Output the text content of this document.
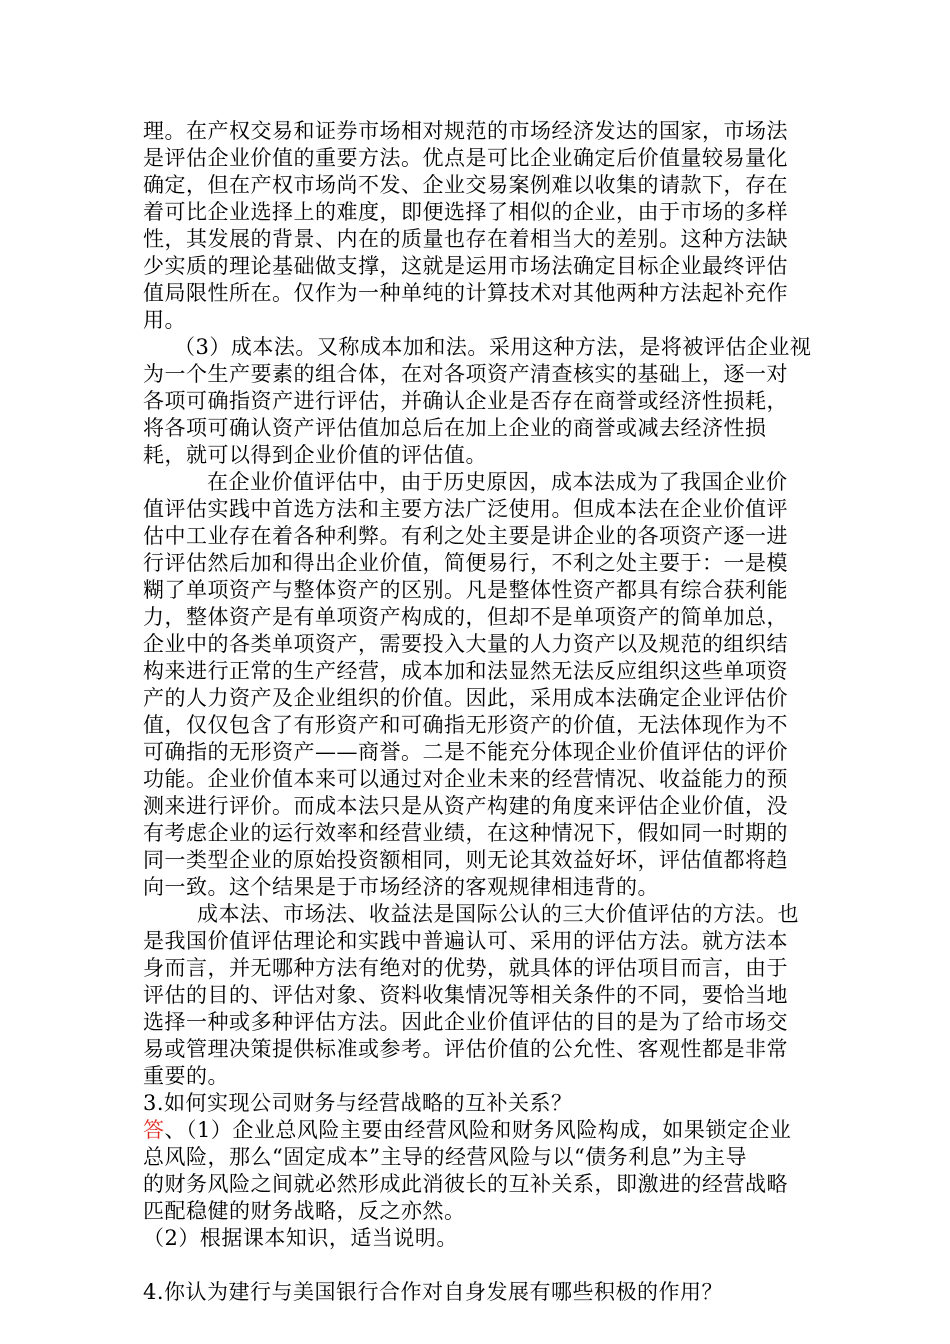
理。在产权交易和证券市场相对规范的市场经济发达的国家，市场法
是评估企业价值的重要方法。优点是可比企业确定后价值量较易量化
确定，但在产权市场尚不发、企业交易案例难以收集的请款下，存在
着可比企业选择上的难度，即便选择了相似的企业，由于市场的多样
性，其发展的背景、内在的质量也存在着相当大的差别。这种方法缺
少实质的理论基础做支撑，这就是运用市场法确定目标企业最终评估
值局限性所在。仅作为一种单纯的计算技术对其他两种方法起补充作
用。
（3）成本法。又称成本加和法。采用这种方法，是将被评估企业视
为一个生产要素的组合体，在对各项资产清查核实的基础上，逐一对
各项可确指资产进行评估，并确认企业是否存在商誉或经济性损耗，
将各项可确认资产评估值加总后在加上企业的商誉或减去经济性损
耗，就可以得到企业价值的评估值。
在企业价值评估中，由于历史原因，成本法成为了我国企业价
值评估实践中首选方法和主要方法广泛使用。但成本法在企业价值评
估中工业存在着各种利弊。有利之处主要是讲企业的各项资产逐一进
行评估然后加和得出企业价值，简便易行，不利之处主要于：一是模
糊了单项资产与整体资产的区别。凡是整体性资产都具有综合获利能
力，整体资产是有单项资产构成的，但却不是单项资产的简单加总，
企业中的各类单项资产，需要投入大量的人力资产以及规范的组织结
构来进行正常的生产经营，成本加和法显然无法反应组织这些单项资
产的人力资产及企业组织的价值。因此，采用成本法确定企业评估价
值，仅仅包含了有形资产和可确指无形资产的价值，无法体现作为不
可确指的无形资产——商誉。二是不能充分体现企业价值评估的评价
功能。企业价值本来可以通过对企业未来的经营情况、收益能力的预
测来进行评价。而成本法只是从资产构建的角度来评估企业价值，没
有考虑企业的运行效率和经营业绩，在这种情况下，假如同一时期的
同一类型企业的原始投资额相同，则无论其效益好坏，评估值都将趋
向一致。这个结果是于市场经济的客观规律相违背的。
成本法、市场法、收益法是国际公认的三大价值评估的方法。也
是我国价值评估理论和实践中普遍认可、采用的评估方法。就方法本
身而言，并无哪种方法有绝对的优势，就具体的评估项目而言，由于
评估的目的、评估对象、资料收集情况等相关条件的不同，要恰当地
选择一种或多种评估方法。因此企业价值评估的目的是为了给市场交
易或管理决策提供标准或参考。评估价值的公允性、客观性都是非常
重要的。
3.如何实现公司财务与经营战略的互补关系？
答、（1）企业总风险主要由经营风险和财务风险构成，如果锁定企业
总风险，那么“固定成本”主导的经营风险与以“债务利息”为主导
的财务风险之间就必然形成此消彼长的互补关系，即激进的经营战略
匹配稳健的财务战略，反之亦然。
（2）根据课本知识，适当说明。
4.你认为建行与美国银行合作对自身发展有哪些积极的作用？
